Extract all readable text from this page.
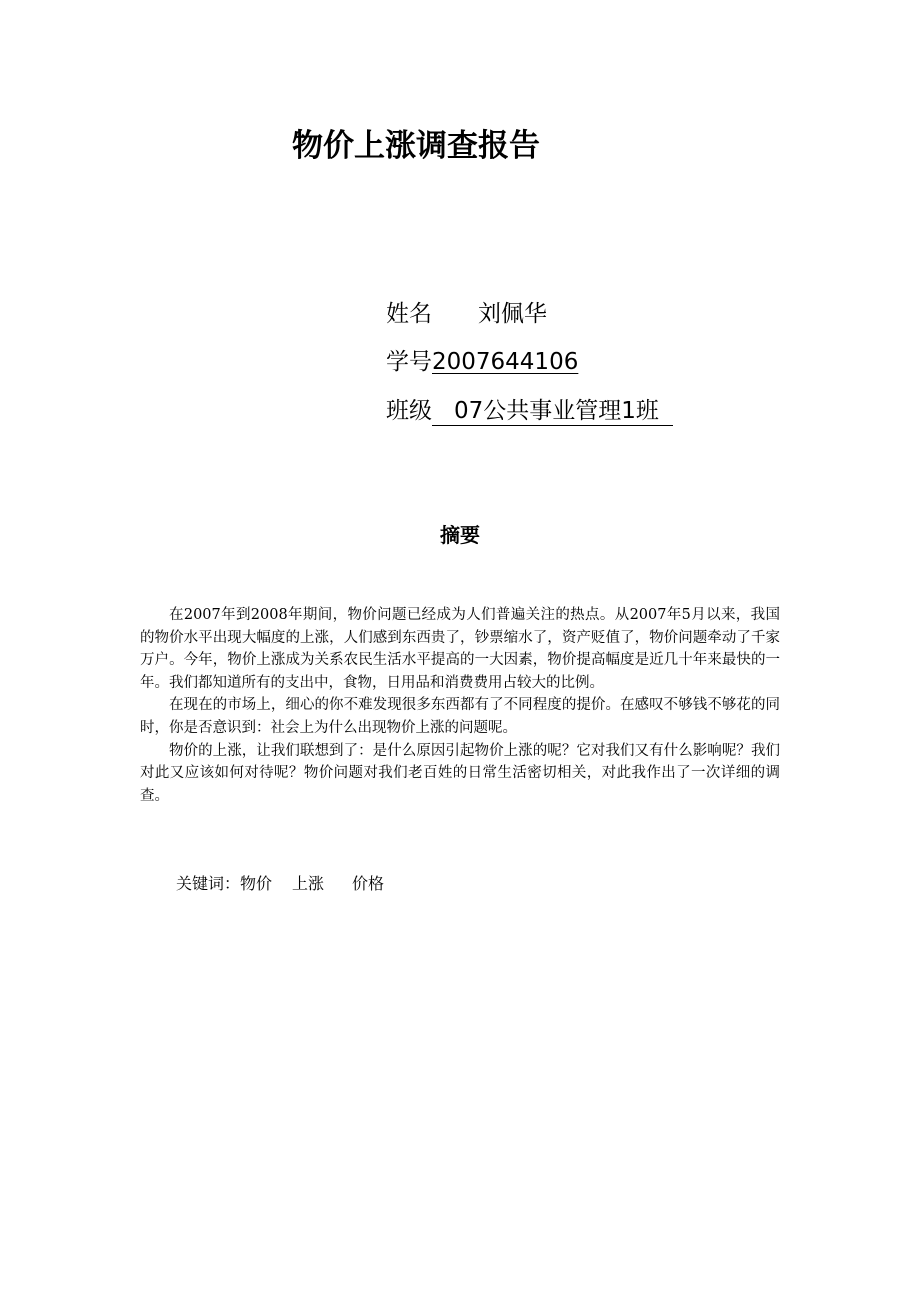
物价上涨调查报告
姓名 刘佩华
学号2007644106
班级 07公共事业管理1班
摘要

在2007年到2008年期间，物价问题已经成为人们普遍关注的热点。从2007年5月以来，我国的物价水平出现大幅度的上涨，人们感到东西贵了，钞票缩水了，资产贬值了，物价问题牵动了千家万户。今年，物价上涨成为关系农民生活水平提高的一大因素，物价提高幅度是近几十年来最快的一年。我们都知道所有的支出中，食物，日用品和消费费用占较大的比例。

在现在的市场上，细心的你不难发现很多东西都有了不同程度的提价。在感叹不够钱不够花的同时，你是否意识到：社会上为什么出现物价上涨的问题呢。

物价的上涨，让我们联想到了：是什么原因引起物价上涨的呢？它对我们又有什么影响呢？我们对此又应该如何对待呢？物价问题对我们老百姓的日常生活密切相关，对此我作出了一次详细的调查。

关键词：物价 上涨 价格
